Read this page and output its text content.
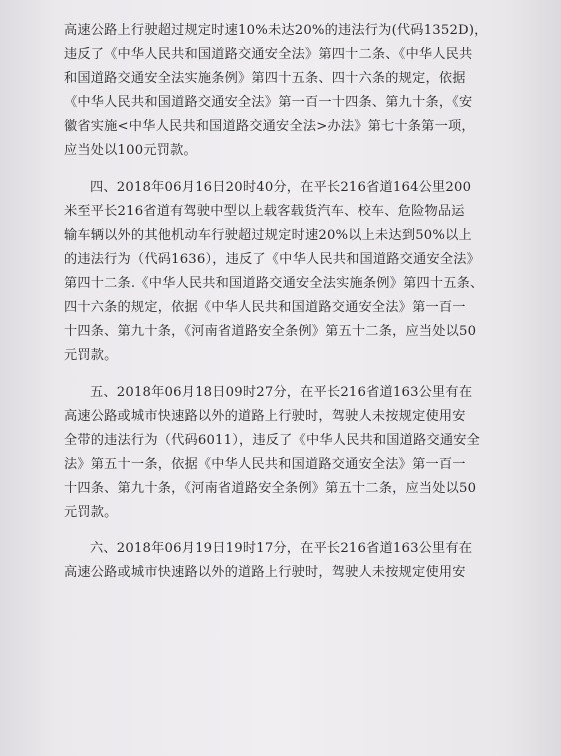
高速公路上行驶超过规定时速10%未达20%的违法行为(代码1352D)，
违反了《中华人民共和国道路交通安全法》第四十二条、《中华人民共
和国道路交通安全法实施条例》第四十五条、四十六条的规定，依据
《中华人民共和国道路交通安全法》第一百一十四条、第九十条，《安
徽省实施<中华人民共和国道路交通安全法>办法》第七十条第一项，
应当处以100元罚款。
四、2018年06月16日20时40分，在平长216省道164公里200
米至平长216省道有驾驶中型以上载客载货汽车、校车、危险物品运
输车辆以外的其他机动车行驶超过规定时速20%以上未达到50%以上
的违法行为（代码1636），违反了《中华人民共和国道路交通安全法》
第四十二条.《中华人民共和国道路交通安全法实施条例》第四十五条、
四十六条的规定，依据《中华人民共和国道路交通安全法》第一百一
十四条、第九十条，《河南省道路安全条例》第五十二条，应当处以50
元罚款。
五、2018年06月18日09时27分，在平长216省道163公里有在
高速公路或城市快速路以外的道路上行驶时，驾驶人未按规定使用安
全带的违法行为（代码6011），违反了《中华人民共和国道路交通安全
法》第五十一条，依据《中华人民共和国道路交通安全法》第一百一
十四条、第九十条，《河南省道路安全条例》第五十二条，应当处以50
元罚款。
六、2018年06月19日19时17分，在平长216省道163公里有在
高速公路或城市快速路以外的道路上行驶时，驾驶人未按规定使用安
